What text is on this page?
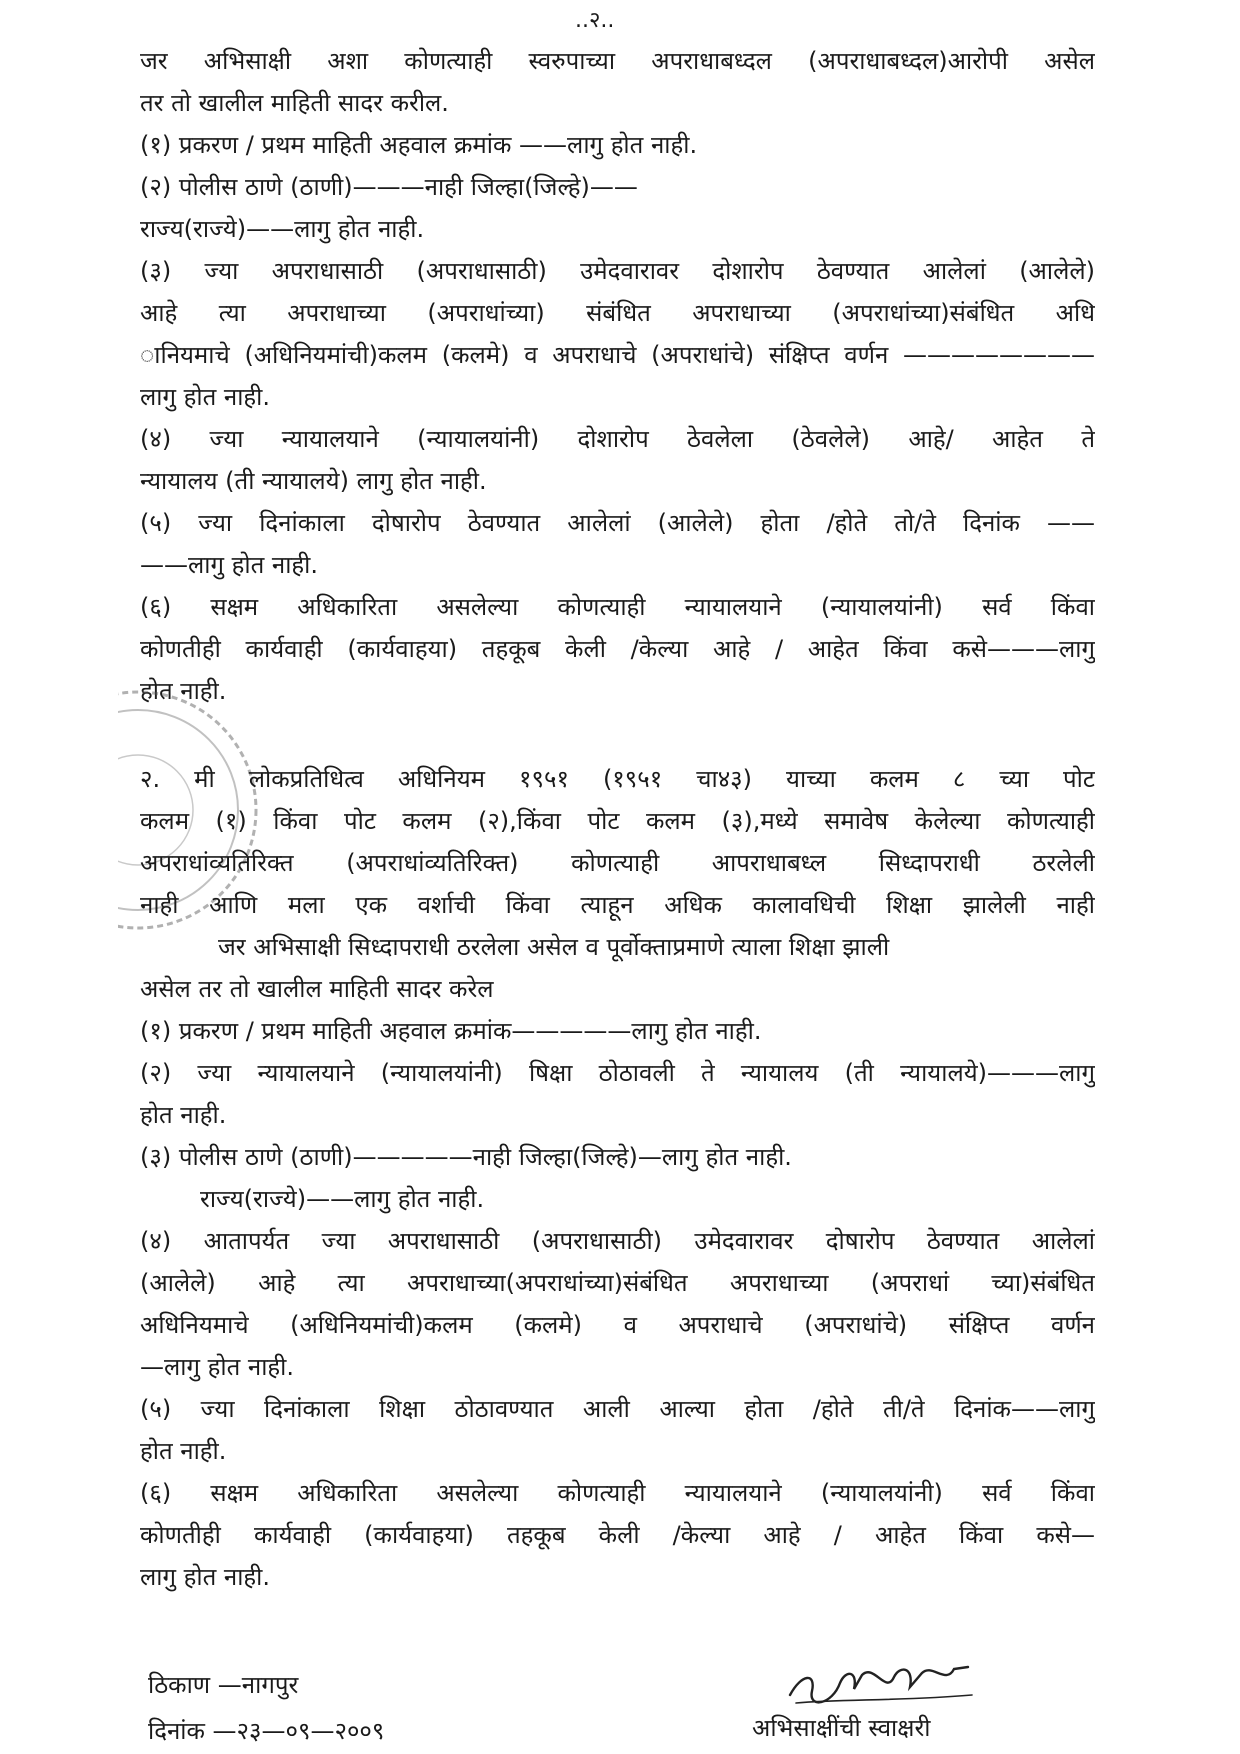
..२..
जर अभिसाक्षी अशा कोणत्याही स्वरुपाच्या अपराधाबध्दल (अपराधाबध्दल)आरोपी असेल
तर तो खालील माहिती सादर करील.
(१) प्रकरण / प्रथम माहिती अहवाल क्रमांक ——लागु होत नाही.
(२) पोलीस ठाणे (ठाणी)———नाही जिल्हा(जिल्हे)——
राज्य(राज्ये)——लागु होत नाही.
(३) ज्या अपराधासाठी (अपराधासाठी) उमेदवारावर दोशारोप ठेवण्यात आलेलां (आलेले)
आहे त्या अपराधाच्या (अपराधांच्या) संबंधित अपराधाच्या (अपराधांच्या)संबंधित अधि
ानियमाचे (अधिनियमांची)कलम (कलमे) व अपराधाचे (अपराधांचे) संक्षिप्त वर्णन ————————
लागु होत नाही.
(४) ज्या न्यायालयाने (न्यायालयांनी) दोशारोप ठेवलेला (ठेवलेले) आहे/ आहेत ते
न्यायालय (ती न्यायालये) लागु होत नाही.
(५) ज्या दिनांकाला दोषारोप ठेवण्यात आलेलां (आलेले) होता /होते तो/ते दिनांक ——
——लागु होत नाही.
(६) सक्षम अधिकारिता असलेल्या कोणत्याही न्यायालयाने (न्यायालयांनी) सर्व किंवा
कोणतीही कार्यवाही (कार्यवाहया) तहकूब केली /केल्या आहे / आहेत किंवा कसे———लागु
होत नाही.
२. मी लोकप्रतिधित्व अधिनियम १९५१ (१९५१ चा४३) याच्या कलम ८ च्या पोट
कलम (१) किंवा पोट कलम (२),किंवा पोट कलम (३),मध्ये समावेष केलेल्या कोणत्याही
अपराधांव्यतिरिक्त (अपराधांव्यतिरिक्त) कोणत्याही आपराधाबध्ल सिध्दापराधी ठरलेली
नाही आणि मला एक वर्शाची किंवा त्याहून अधिक कालावधिची शिक्षा झालेली नाही
जर अभिसाक्षी सिध्दापराधी ठरलेला असेल व पूर्वोक्ताप्रमाणे त्याला शिक्षा झाली
असेल तर तो खालील माहिती सादर करेल
(१) प्रकरण / प्रथम माहिती अहवाल क्रमांक—————लागु होत नाही.
(२) ज्या न्यायालयाने (न्यायालयांनी) षिक्षा ठोठावली ते न्यायालय (ती न्यायालये)———लागु
होत नाही.
(३) पोलीस ठाणे (ठाणी)—————नाही जिल्हा(जिल्हे)—लागु होत नाही.
राज्य(राज्ये)——लागु होत नाही.
(४) आतापर्यत ज्या अपराधासाठी (अपराधासाठी) उमेदवारावर दोषारोप ठेवण्यात आलेलां
(आलेले) आहे त्या अपराधाच्या(अपराधांच्या)संबंधित अपराधाच्या (अपराधां च्या)संबंधित
अधिनियमाचे (अधिनियमांची)कलम (कलमे) व अपराधाचे (अपराधांचे) संक्षिप्त वर्णन
—लागु होत नाही.
(५) ज्या दिनांकाला शिक्षा ठोठावण्यात आली आल्या होता /होते ती/ते दिनांक——लागु
होत नाही.
(६) सक्षम अधिकारिता असलेल्या कोणत्याही न्यायालयाने (न्यायालयांनी) सर्व किंवा
कोणतीही कार्यवाही (कार्यवाहया) तहकूब केली /केल्या आहे / आहेत किंवा कसे—
लागु होत नाही.
ठिकाण —नागपुर
दिनांक —२३—०९—२००९	अभिसाक्षींची स्वाक्षरी
